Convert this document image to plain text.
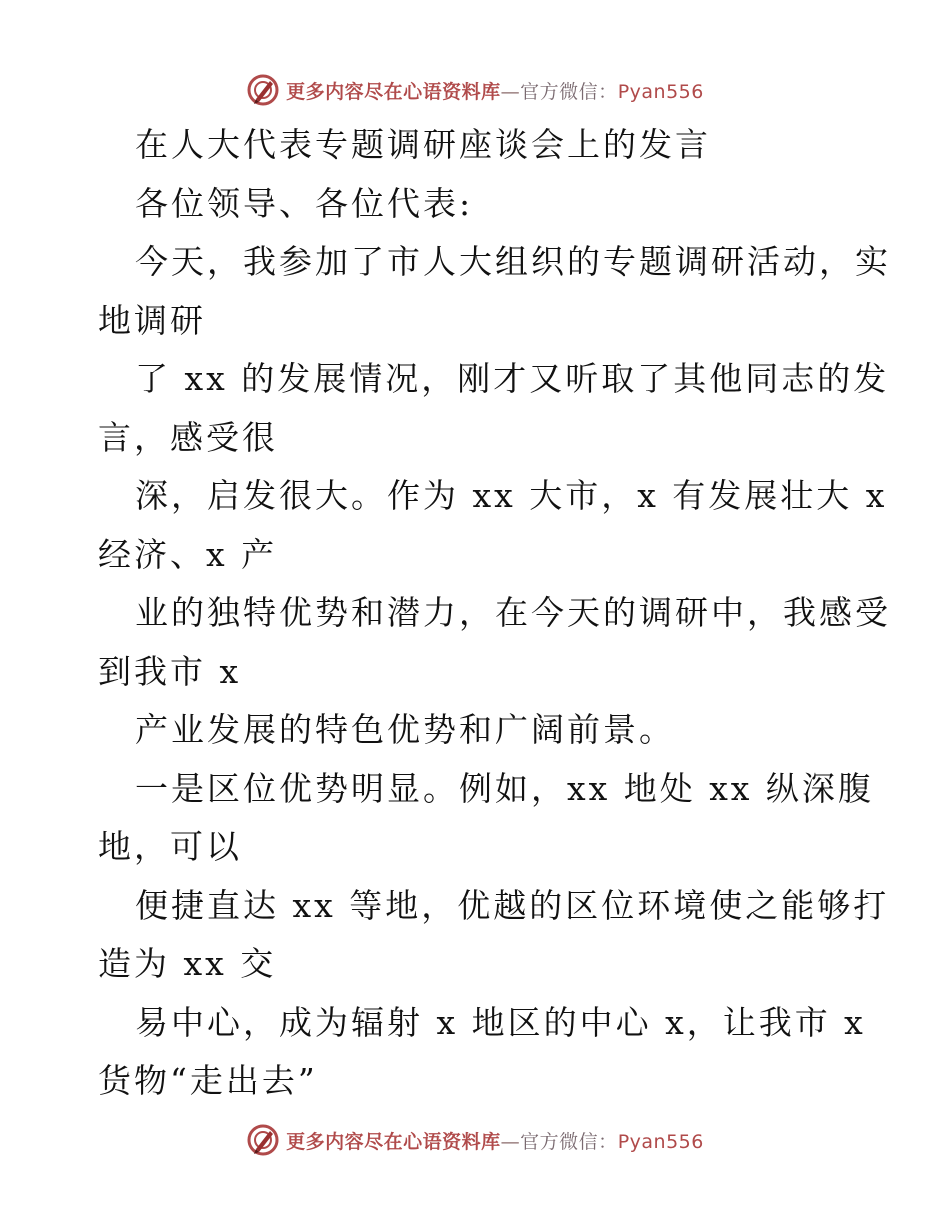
更多内容尽在心语资料库—官方微信：Pyan556
在人大代表专题调研座谈会上的发言
各位领导、各位代表:
今天，我参加了市人大组织的专题调研活动，实
地调研
了 xx 的发展情况，刚才又听取了其他同志的发
言，感受很
深，启发很大。作为 xx 大市，x 有发展壮大 x
经济、x 产
业的独特优势和潜力，在今天的调研中，我感受
到我市 x
产业发展的特色优势和广阔前景。
一是区位优势明显。例如，xx 地处 xx 纵深腹
地，可以
便捷直达 xx 等地，优越的区位环境使之能够打
造为 xx 交
易中心，成为辐射 x 地区的中心 x，让我市 x
货物“走出去”
更多内容尽在心语资料库—官方微信：Pyan556
